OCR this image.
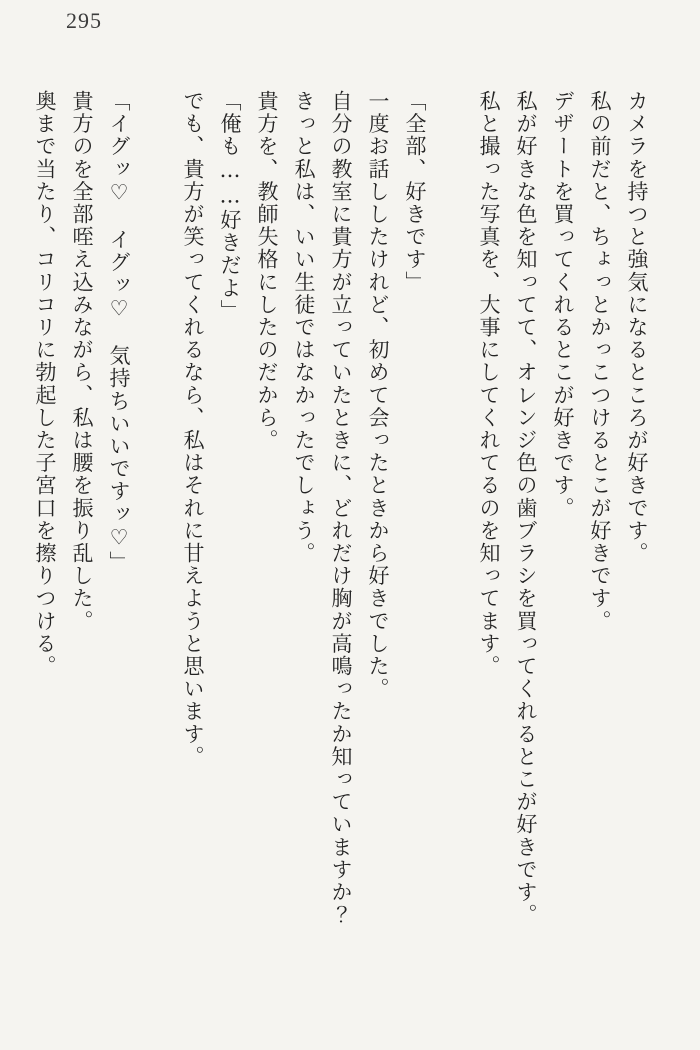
295

カメラを持つと強気になるところが好きです。

私の前だと、ちょっとかっこつけるとこが好きです。

デザートを買ってくれるとこが好きです。

私が好きな色を知ってて、オレンジ色の歯ブラシを買ってくれるとこが好きです。

私と撮った写真を、大事にしてくれてるのを知ってます。

「全部、好きです」

一度お話ししたけれど、初めて会ったときから好きでした。

自分の教室に貴方が立っていたときに、どれだけ胸が高鳴ったか知っていますか？

きっと私は、いい生徒ではなかったでしょう。

貴方を、教師失格にしたのだから。

「俺も……好きだよ」

でも、貴方が笑ってくれるなら、私はそれに甘えようと思います。

「イグッ♡　イグッ♡　気持ちいいですッ♡」

貴方のを全部咥え込みながら、私は腰を振り乱した。

奥まで当たり、コリコリに勃起した子宮口を擦りつける。
